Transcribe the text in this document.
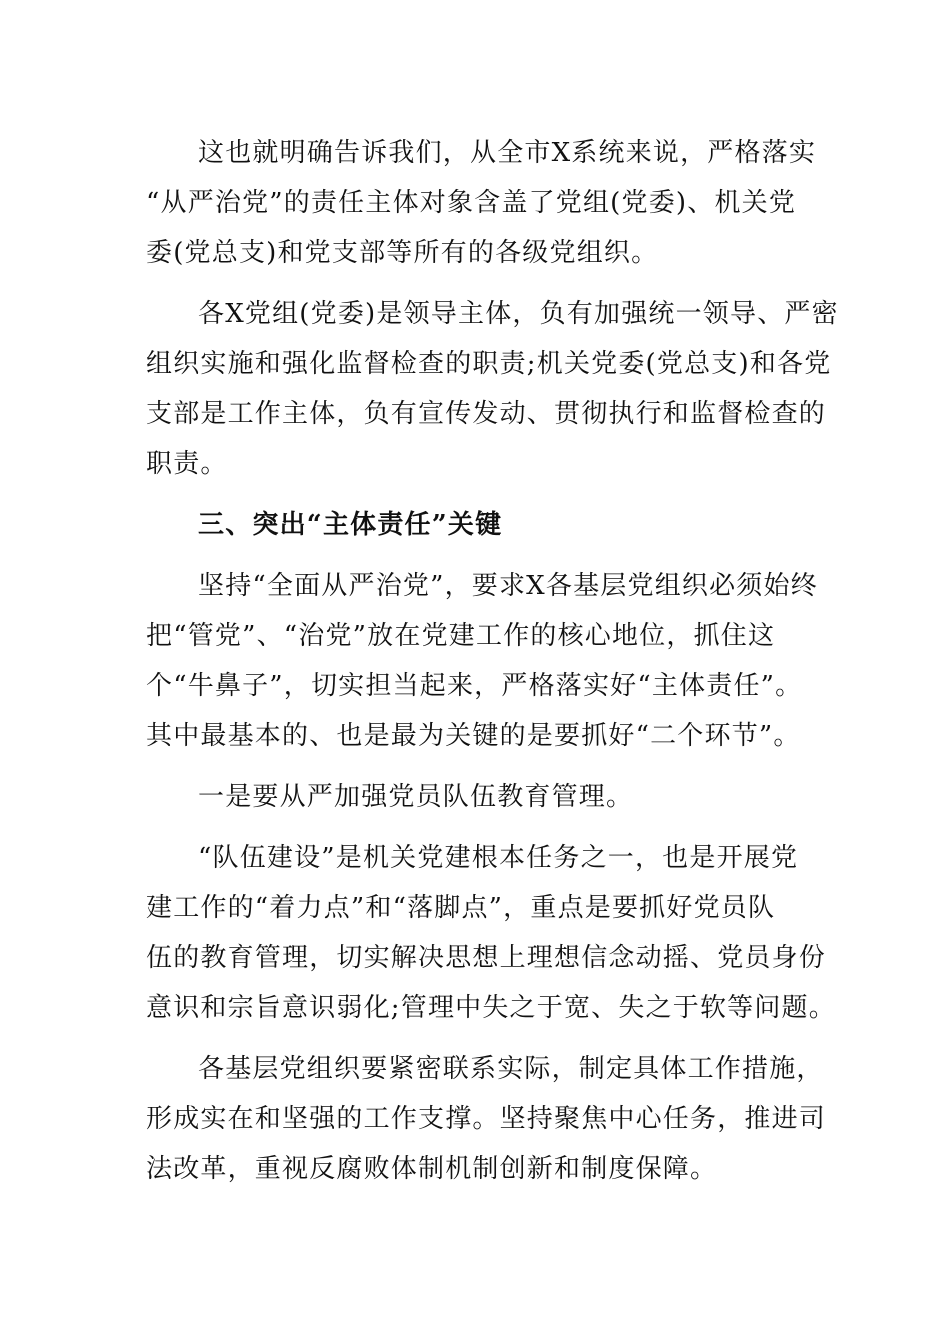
这也就明确告诉我们，从全市X系统来说，严格落实
“从严治党”的责任主体对象含盖了党组(党委)、机关党
委(党总支)和党支部等所有的各级党组织。
各X党组(党委)是领导主体，负有加强统一领导、严密
组织实施和强化监督检查的职责;机关党委(党总支)和各党
支部是工作主体，负有宣传发动、贯彻执行和监督检查的
职责。
三、突出“主体责任”关键
坚持“全面从严治党”，要求X各基层党组织必须始终
把“管党”、“治党”放在党建工作的核心地位，抓住这
个“牛鼻子”，切实担当起来，严格落实好“主体责任”。
其中最基本的、也是最为关键的是要抓好“二个环节”。
一是要从严加强党员队伍教育管理。
“队伍建设”是机关党建根本任务之一，也是开展党
建工作的“着力点”和“落脚点”，重点是要抓好党员队
伍的教育管理，切实解决思想上理想信念动摇、党员身份
意识和宗旨意识弱化;管理中失之于宽、失之于软等问题。
各基层党组织要紧密联系实际，制定具体工作措施，
形成实在和坚强的工作支撑。坚持聚焦中心任务，推进司
法改革，重视反腐败体制机制创新和制度保障。
